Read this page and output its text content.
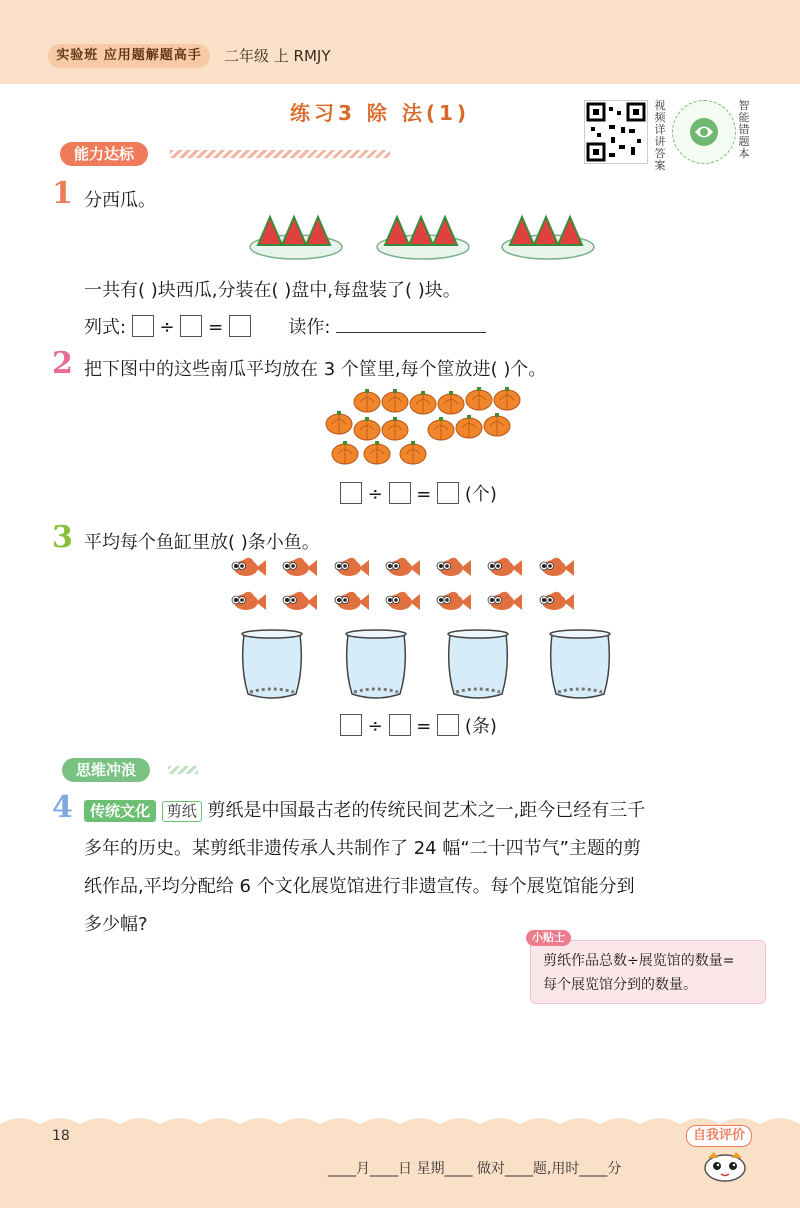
实验班 应用题解题高手	二年级 上 RMJY
练习3 除 法(1)	视频详讲答案
智能错题本
能力达标
1 分西瓜。
一共有( )块西瓜,分装在( )盘中,每盘装了( )块。
列式: ÷ =	读作:
2 把下图中的这些南瓜平均放在 3 个筐里,每个筐放进( )个。
÷ = (个)
3 平均每个鱼缸里放( )条小鱼。
÷ = (条)
思维冲浪
4	传统文化 剪纸 剪纸是中国最古老的传统民间艺术之一,距今已经有三千
多年的历史。某剪纸非遗传承人共制作了 24 幅“二十四节气”主题的剪
纸作品,平均分配给 6 个文化展览馆进行非遗宣传。每个展览馆能分到
多少幅?
剪纸作品总数÷展览馆的数量=
每个展览馆分到的数量。
小贴士
18	自我评价
____月____日 星期____ 做对____题,用时____分
